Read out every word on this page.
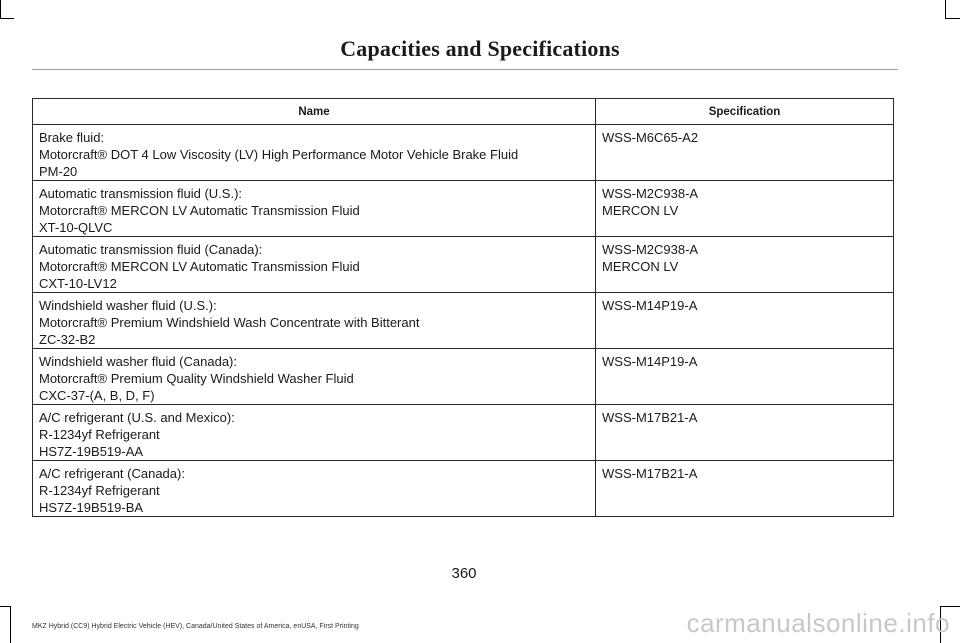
Capacities and Specifications
Name	Specification

Brake fluid:
Motorcraft® DOT 4 Low Viscosity (LV) High Performance Motor Vehicle Brake Fluid
PM-20	WSS-M6C65-A2

Automatic transmission fluid (U.S.):
Motorcraft® MERCON LV Automatic Transmission Fluid
XT-10-QLVC	WSS-M2C938-A
MERCON LV

Automatic transmission fluid (Canada):
Motorcraft® MERCON LV Automatic Transmission Fluid
CXT-10-LV12	WSS-M2C938-A
MERCON LV

Windshield washer fluid (U.S.):
Motorcraft® Premium Windshield Wash Concentrate with Bitterant
ZC-32-B2	WSS-M14P19-A

Windshield washer fluid (Canada):
Motorcraft® Premium Quality Windshield Washer Fluid
CXC-37-(A, B, D, F)	WSS-M14P19-A

A/C refrigerant (U.S. and Mexico):
R-1234yf Refrigerant
HS7Z-19B519-AA	WSS-M17B21-A

A/C refrigerant (Canada):
R-1234yf Refrigerant
HS7Z-19B519-BA	WSS-M17B21-A
360
MKZ Hybrid (CC9) Hybrid Electric Vehicle (HEV), Canada/United States of America, enUSA, First Printing	carmanualsonline.info
